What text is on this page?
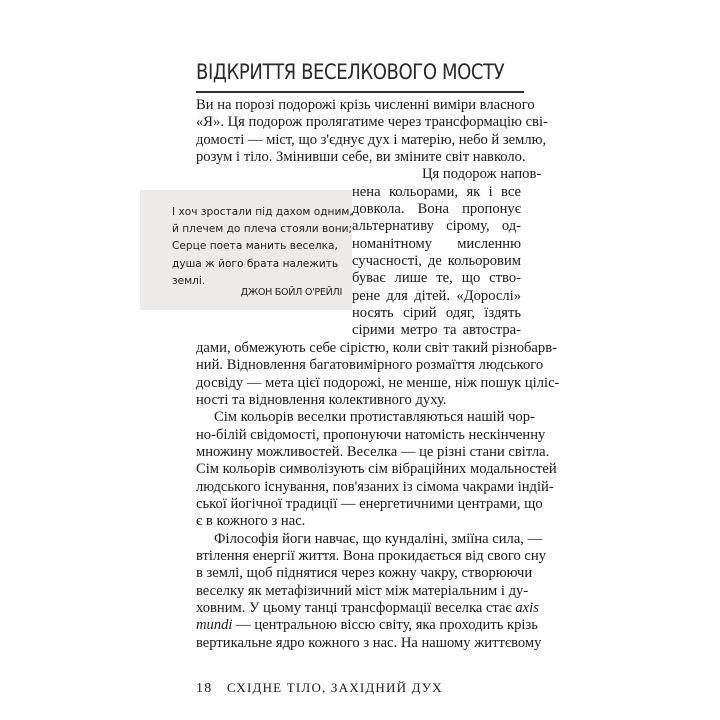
ВІДКРИТТЯ ВЕСЕЛКОВОГО МОСТУ
І хоч зростали під дахом одним,
й плечем до плеча стояли вони;
Серце поета манить веселка,
душа ж його брата належить
землі.
ДЖОН БОЙЛ О'РЕЙЛІ
Ви на порозі подорожі крізь численні виміри власного
«Я». Ця подорож пролягатиме через трансформацію сві-
домості — міст, що з'єднує дух і матерію, небо й землю,
розум і тіло. Змінивши себе, ви зміните світ навколо.
Ця подорож напов-
нена кольорами, як і все
довкола. Вона пропонує
альтернативу сірому, од-
номанітному мисленню
сучасності, де кольоровим
буває лише те, що ство-
рене для дітей. «Дорослі»
носять сірий одяг, їздять
сірими метро та автостра-
дами, обмежують себе сірістю, коли світ такий різнобарв-
ний. Відновлення багатовимірного розмаїття людського
досвіду — мета цієї подорожі, не менше, ніж пошук ціліс-
ності та відновлення колективного духу.
Сім кольорів веселки протиставляються нашій чор-
но-білій свідомості, пропонуючи натомість нескінченну
множину можливостей. Веселка — це різні стани світла.
Сім кольорів символізують сім вібраційних модальностей
людського існування, пов'язаних із сімома чакрами індій-
ської йогічної традиції — енергетичними центрами, що
є в кожного з нас.
Філософія йоги навчає, що кундаліні, зміїна сила, —
втілення енергії життя. Вона прокидається від свого сну
в землі, щоб піднятися через кожну чакру, створюючи
веселку як метафізичний міст між матеріальним і ду-
ховним. У цьому танці трансформації веселка стає axis
mundi — центральною віссю світу, яка проходить крізь
вертикальне ядро кожного з нас. На нашому життєвому
18 СХІДНЕ ТІЛО, ЗАХІДНИЙ ДУХ
